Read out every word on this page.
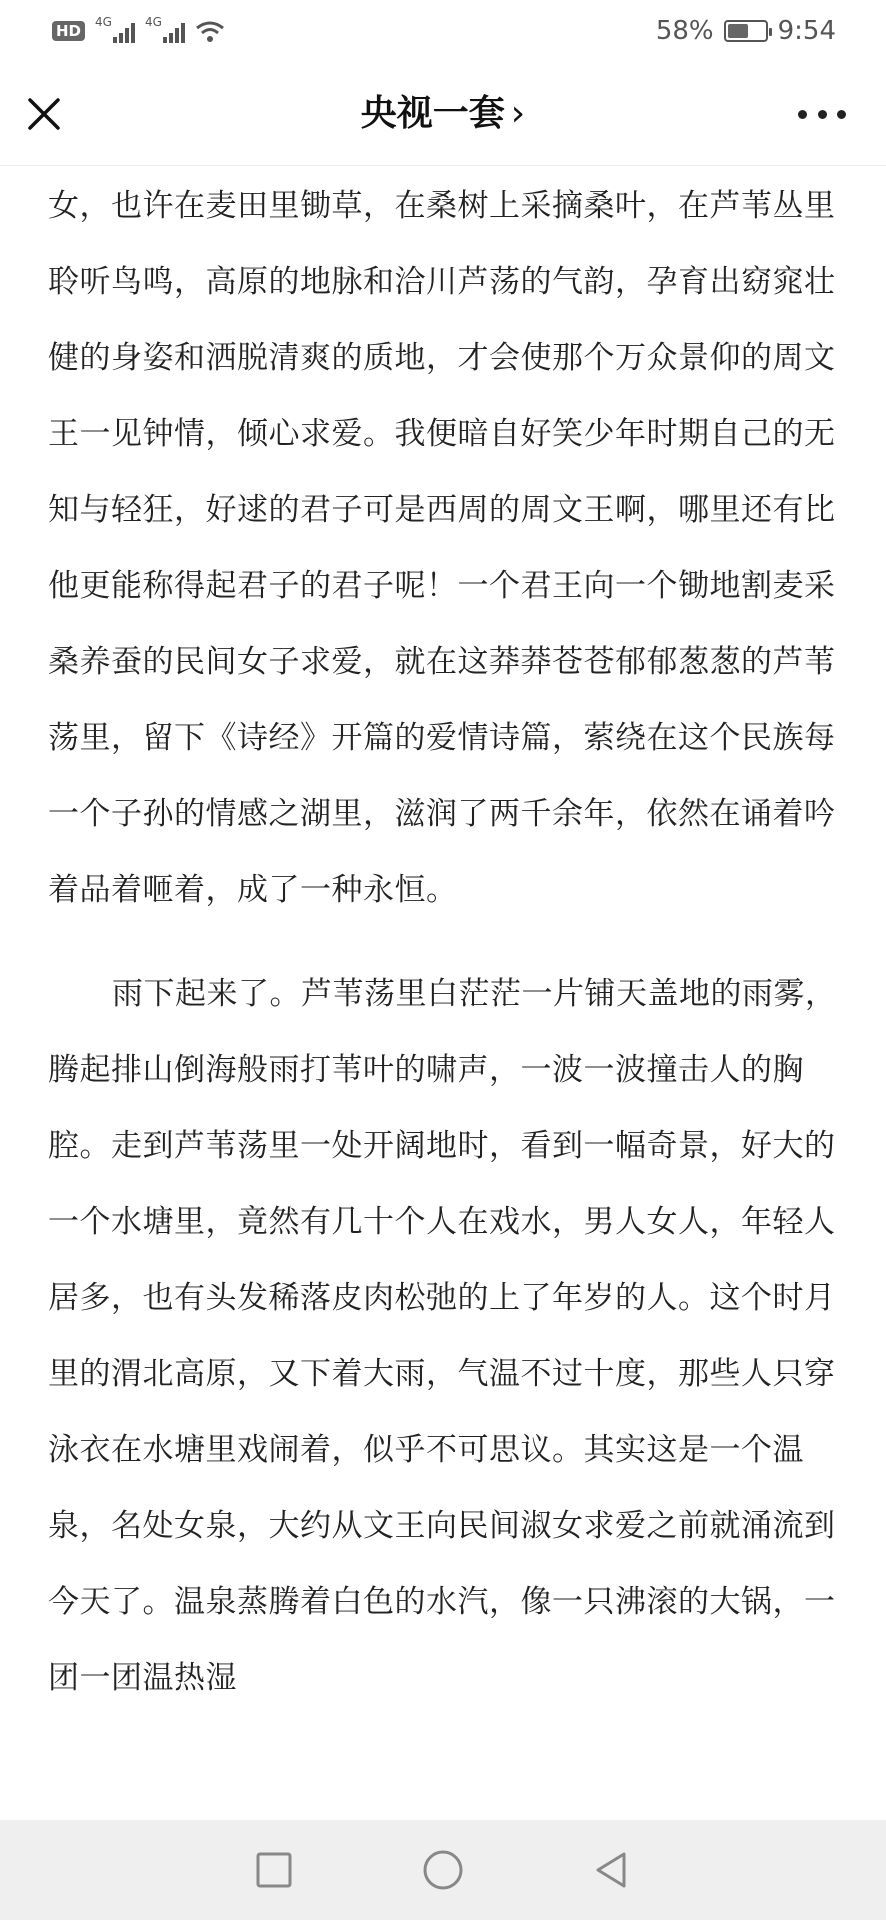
HD	4G	4G	58% 9:54
央视一套 ›

女，也许在麦田里锄草，在桑树上采摘桑叶，在芦苇丛里聆听鸟鸣，高原的地脉和洽川芦荡的气韵，孕育出窈窕壮健的身姿和洒脱清爽的质地，才会使那个万众景仰的周文王一见钟情，倾心求爱。我便暗自好笑少年时期自己的无知与轻狂，好逑的君子可是西周的周文王啊，哪里还有比他更能称得起君子的君子呢！一个君王向一个锄地割麦采桑养蚕的民间女子求爱，就在这莽莽苍苍郁郁葱葱的芦苇荡里，留下《诗经》开篇的爱情诗篇，萦绕在这个民族每一个子孙的情感之湖里，滋润了两千余年，依然在诵着吟着品着咂着，成了一种永恒。

雨下起来了。芦苇荡里白茫茫一片铺天盖地的雨雾，腾起排山倒海般雨打苇叶的啸声，一波一波撞击人的胸腔。走到芦苇荡里一处开阔地时，看到一幅奇景，好大的一个水塘里，竟然有几十个人在戏水，男人女人，年轻人居多，也有头发稀落皮肉松弛的上了年岁的人。这个时月里的渭北高原，又下着大雨，气温不过十度，那些人只穿泳衣在水塘里戏闹着，似乎不可思议。其实这是一个温泉，名处女泉，大约从文王向民间淑女求爱之前就涌流到今天了。温泉蒸腾着白色的水汽，像一只沸滚的大锅，一团一团温热湿
